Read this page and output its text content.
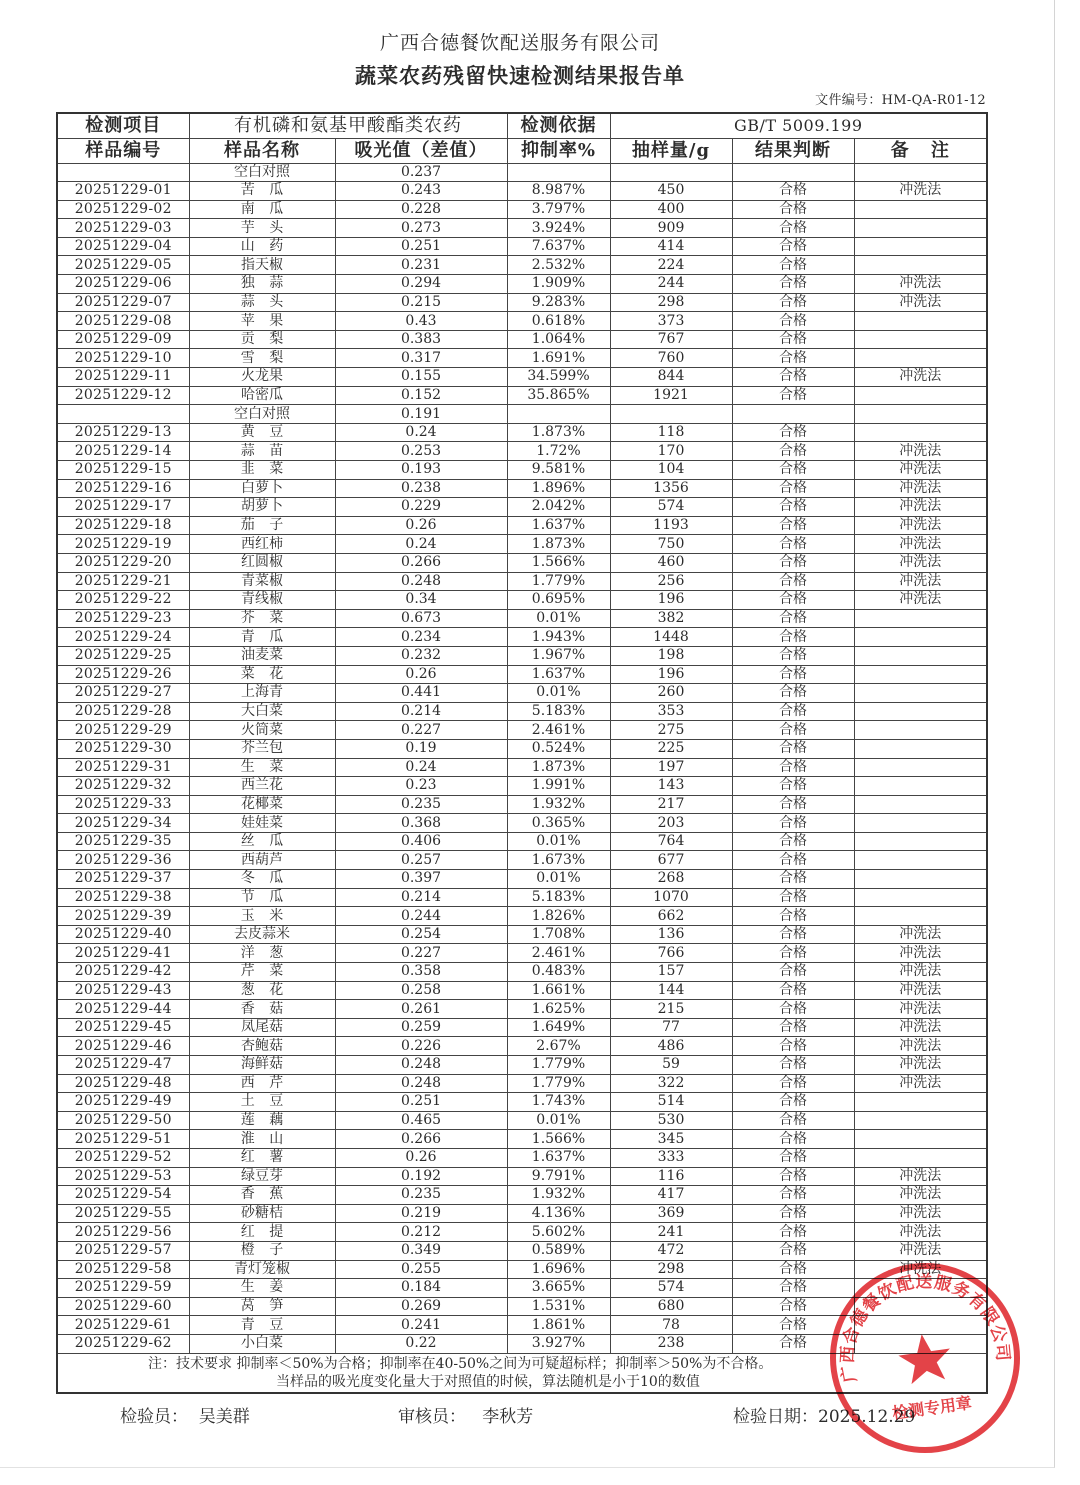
广西合德餐饮配送服务有限公司
蔬菜农药残留快速检测结果报告单
文件编号：HM-QA-R01-12
检测项目	有机磷和氨基甲酸酯类农药		检测依据	GB/T 5009.199		
样品编号	样品名称	吸光值（差值）	抑制率%	抽样量/g	结果判断	备 注
	空白对照	0.237				
20251229-01	苦 瓜	0.243	8.987%	450	合格	冲洗法
20251229-02	南 瓜	0.228	3.797%	400	合格	
20251229-03	芋 头	0.273	3.924%	909	合格	
20251229-04	山 药	0.251	7.637%	414	合格	
20251229-05	指天椒	0.231	2.532%	224	合格	
20251229-06	独 蒜	0.294	1.909%	244	合格	冲洗法
20251229-07	蒜 头	0.215	9.283%	298	合格	冲洗法
20251229-08	苹 果	0.43	0.618%	373	合格	
20251229-09	贡 梨	0.383	1.064%	767	合格	
20251229-10	雪 梨	0.317	1.691%	760	合格	
20251229-11	火龙果	0.155	34.599%	844	合格	冲洗法
20251229-12	哈密瓜	0.152	35.865%	1921	合格	
	空白对照	0.191				
20251229-13	黄 豆	0.24	1.873%	118	合格	
20251229-14	蒜 苗	0.253	1.72%	170	合格	冲洗法
20251229-15	韭 菜	0.193	9.581%	104	合格	冲洗法
20251229-16	白萝卜	0.238	1.896%	1356	合格	冲洗法
20251229-17	胡萝卜	0.229	2.042%	574	合格	冲洗法
20251229-18	茄 子	0.26	1.637%	1193	合格	冲洗法
20251229-19	西红柿	0.24	1.873%	750	合格	冲洗法
20251229-20	红圆椒	0.266	1.566%	460	合格	冲洗法
20251229-21	青菜椒	0.248	1.779%	256	合格	冲洗法
20251229-22	青线椒	0.34	0.695%	196	合格	冲洗法
20251229-23	芥 菜	0.673	0.01%	382	合格	
20251229-24	青 瓜	0.234	1.943%	1448	合格	
20251229-25	油麦菜	0.232	1.967%	198	合格	
20251229-26	菜 花	0.26	1.637%	196	合格	
20251229-27	上海青	0.441	0.01%	260	合格	
20251229-28	大白菜	0.214	5.183%	353	合格	
20251229-29	火筒菜	0.227	2.461%	275	合格	
20251229-30	芥兰包	0.19	0.524%	225	合格	
20251229-31	生 菜	0.24	1.873%	197	合格	
20251229-32	西兰花	0.23	1.991%	143	合格	
20251229-33	花椰菜	0.235	1.932%	217	合格	
20251229-34	娃娃菜	0.368	0.365%	203	合格	
20251229-35	丝 瓜	0.406	0.01%	764	合格	
20251229-36	西葫芦	0.257	1.673%	677	合格	
20251229-37	冬 瓜	0.397	0.01%	268	合格	
20251229-38	节 瓜	0.214	5.183%	1070	合格	
20251229-39	玉 米	0.244	1.826%	662	合格	
20251229-40	去皮蒜米	0.254	1.708%	136	合格	冲洗法
20251229-41	洋 葱	0.227	2.461%	766	合格	冲洗法
20251229-42	芹 菜	0.358	0.483%	157	合格	冲洗法
20251229-43	葱 花	0.258	1.661%	144	合格	冲洗法
20251229-44	香 菇	0.261	1.625%	215	合格	冲洗法
20251229-45	凤尾菇	0.259	1.649%	77	合格	冲洗法
20251229-46	杏鲍菇	0.226	2.67%	486	合格	冲洗法
20251229-47	海鲜菇	0.248	1.779%	59	合格	冲洗法
20251229-48	西 芹	0.248	1.779%	322	合格	冲洗法
20251229-49	土 豆	0.251	1.743%	514	合格	
20251229-50	莲 藕	0.465	0.01%	530	合格	
20251229-51	淮 山	0.266	1.566%	345	合格	
20251229-52	红 薯	0.26	1.637%	333	合格	
20251229-53	绿豆芽	0.192	9.791%	116	合格	冲洗法
20251229-54	香 蕉	0.235	1.932%	417	合格	冲洗法
20251229-55	砂糖桔	0.219	4.136%	369	合格	冲洗法
20251229-56	红 提	0.212	5.602%	241	合格	冲洗法
20251229-57	橙 子	0.349	0.589%	472	合格	冲洗法
20251229-58	青灯笼椒	0.255	1.696%	298	合格	冲洗法
20251229-59	生 姜	0.184	3.665%	574	合格	
20251229-60	莴 笋	0.269	1.531%	680	合格	
20251229-61	青 豆	0.241	1.861%	78	合格	
20251229-62	小白菜	0.22	3.927%	238	合格	

注：技术要求 抑制率＜50%为合格；抑制率在40-50%之间为可疑超标样；抑制率＞50%为不合格。
当样品的吸光度变化量大于对照值的时候，算法随机是小于10的数值						
检验员：  吴美群	审核员：   李秋芳	检验日期：2025.12.29
广西合德餐饮配送服务有限公司
检测专用章
